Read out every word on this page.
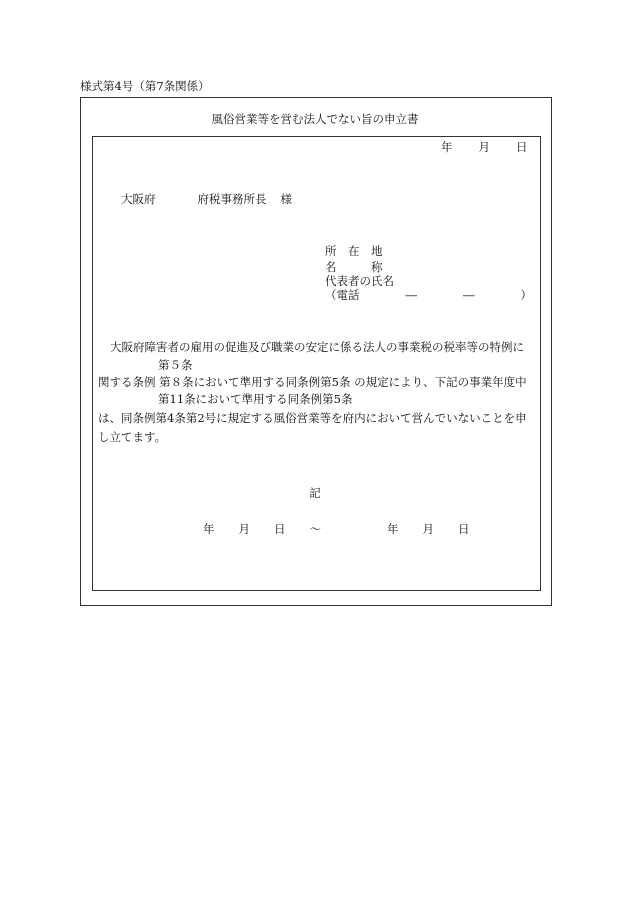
様式第4号（第7条関係）
風俗営業等を営む法人でない旨の申立書
年 月 日
大阪府	府税事務所長 様
所　在　地
名　　　称
代表者の氏名
（電話	―	―	）
大阪府障害者の雇用の促進及び職業の安定に係る法人の事業税の税率等の特例に
第５条
関する条例 第８条において準用する同条例第5条 の規定により、下記の事業年度中
第11条において準用する同条例第5条
は、同条例第4条第2号に規定する風俗営業等を府内において営んでいないことを申
し立てます。
記
年 月 日 ～	年 月 日
